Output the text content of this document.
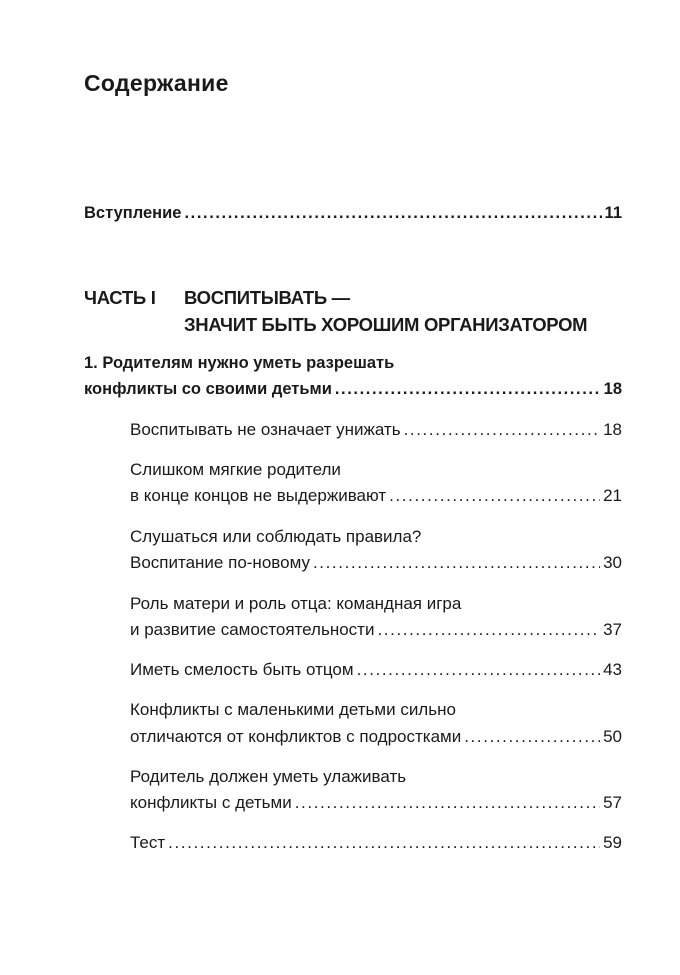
Содержание
Вступление .....	11
ЧАСТЬ I ВОСПИТЫВАТЬ —
ЗНАЧИТ БЫТЬ ХОРОШИМ ОРГАНИЗАТОРОМ
1. Родителям нужно уметь разрешать
конфликты со своими детьми .....	18
Воспитывать не означает унижать .....	18
Слишком мягкие родители
в конце концов не выдерживают .....	21
Слушаться или соблюдать правила?
Воспитание по-новому .....	30
Роль матери и роль отца: командная игра
и развитие самостоятельности .....	37
Иметь смелость быть отцом .....	43
Конфликты с маленькими детьми сильно
отличаются от конфликтов с подростками .....	50
Родитель должен уметь улаживать
конфликты с детьми .....	57
Тест .....	59
